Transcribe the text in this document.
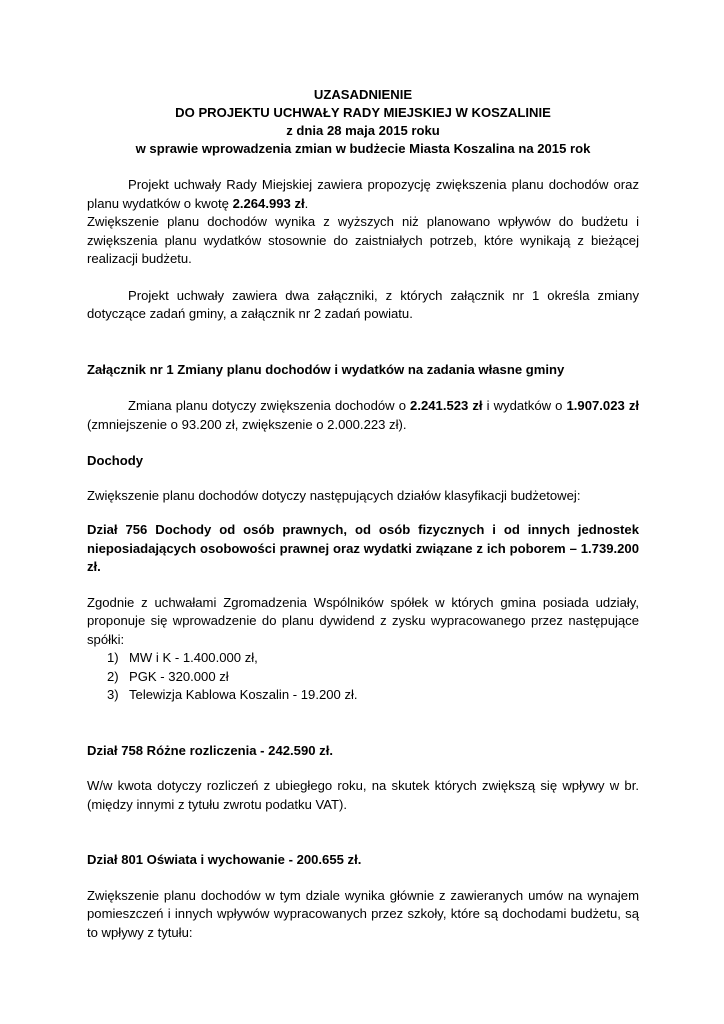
UZASADNIENIE
DO PROJEKTU UCHWAŁY RADY MIEJSKIEJ W KOSZALINIE
z dnia 28 maja 2015 roku
w sprawie wprowadzenia zmian w budżecie Miasta Koszalina na 2015 rok

Projekt uchwały Rady Miejskiej zawiera propozycję zwiększenia planu dochodów oraz planu wydatków o kwotę 2.264.993 zł.

Zwiększenie planu dochodów wynika z wyższych niż planowano wpływów do budżetu i zwiększenia planu wydatków stosownie do zaistniałych potrzeb, które wynikają z bieżącej realizacji budżetu.

Projekt uchwały zawiera dwa załączniki, z których załącznik nr 1 określa zmiany dotyczące zadań gminy, a załącznik nr 2 zadań powiatu.

Załącznik nr 1 Zmiany planu dochodów i wydatków na zadania własne gminy

Zmiana planu dotyczy zwiększenia dochodów o 2.241.523 zł i wydatków o 1.907.023 zł (zmniejszenie o 93.200 zł, zwiększenie o 2.000.223 zł).

Dochody

Zwiększenie planu dochodów dotyczy następujących działów klasyfikacji budżetowej:

Dział 756 Dochody od osób prawnych, od osób fizycznych i od innych jednostek nieposiadających osobowości prawnej oraz wydatki związane z ich poborem – 1.739.200 zł.

Zgodnie z uchwałami Zgromadzenia Wspólników spółek w których gmina posiada udziały, proponuje się wprowadzenie do planu dywidend z zysku wypracowanego przez następujące spółki:

1) MW i K - 1.400.000 zł,
2) PGK - 320.000 zł
3) Telewizja Kablowa Koszalin - 19.200 zł.

Dział 758 Różne rozliczenia - 242.590 zł.

W/w kwota dotyczy rozliczeń z ubiegłego roku, na skutek których zwiększą się wpływy w br. (między innymi z tytułu zwrotu podatku VAT).

Dział 801 Oświata i wychowanie - 200.655 zł.

Zwiększenie planu dochodów w tym dziale wynika głównie z zawieranych umów na wynajem pomieszczeń i innych wpływów wypracowanych przez szkoły, które są dochodami budżetu, są to wpływy z tytułu:
